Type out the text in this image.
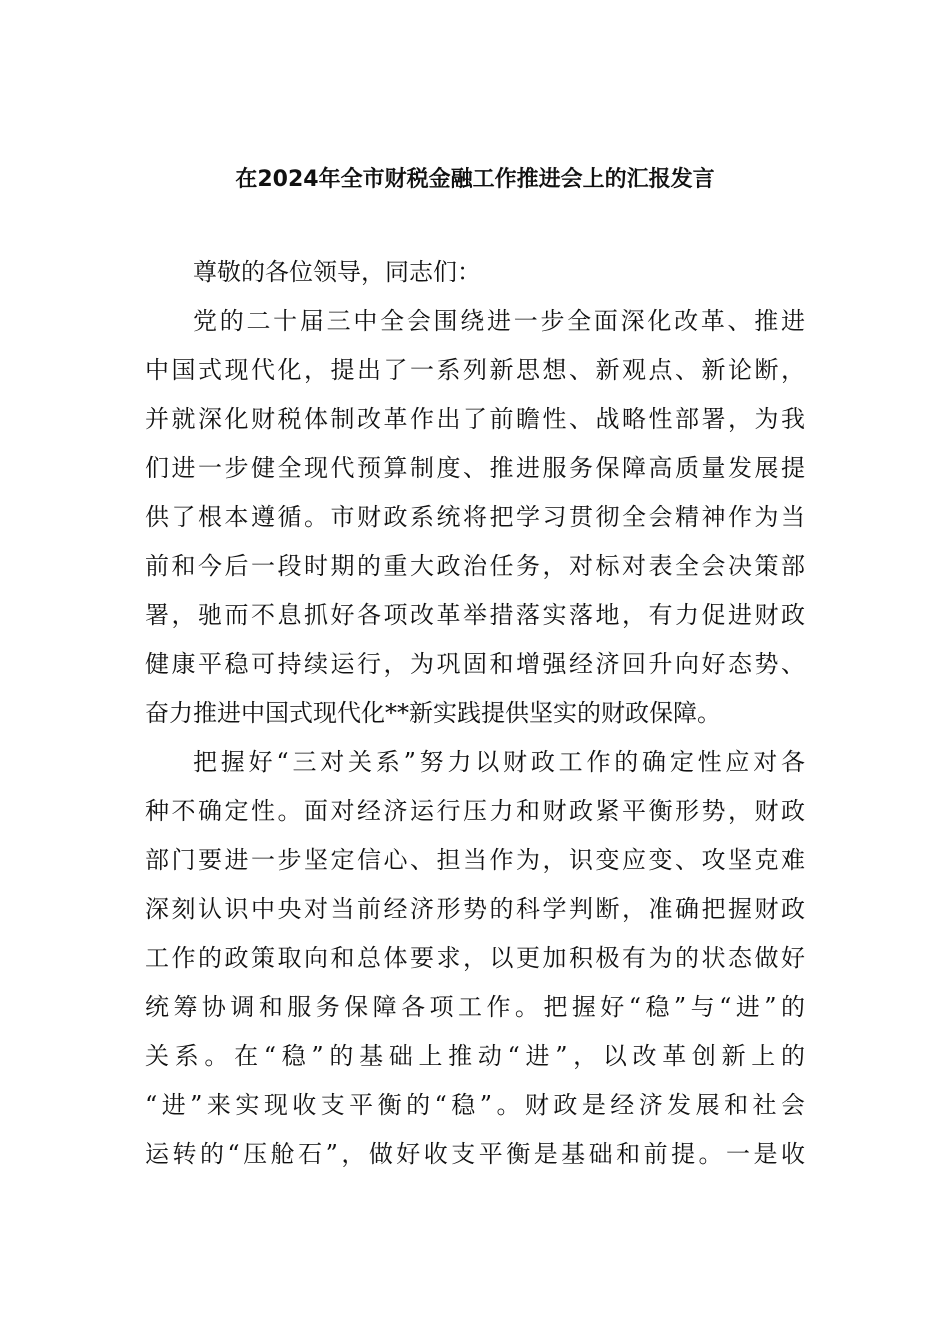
在2024年全市财税金融工作推进会上的汇报发言
尊敬的各位领导，同志们：
党的二十届三中全会围绕进一步全面深化改革、推进
中国式现代化，提出了一系列新思想、新观点、新论断，
并就深化财税体制改革作出了前瞻性、战略性部署，为我
们进一步健全现代预算制度、推进服务保障高质量发展提
供了根本遵循。市财政系统将把学习贯彻全会精神作为当
前和今后一段时期的重大政治任务，对标对表全会决策部
署，驰而不息抓好各项改革举措落实落地，有力促进财政
健康平稳可持续运行，为巩固和增强经济回升向好态势、
奋力推进中国式现代化**新实践提供坚实的财政保障。
把握好“三对关系”努力以财政工作的确定性应对各
种不确定性。面对经济运行压力和财政紧平衡形势，财政
部门要进一步坚定信心、担当作为，识变应变、攻坚克难
深刻认识中央对当前经济形势的科学判断，准确把握财政
工作的政策取向和总体要求，以更加积极有为的状态做好
统筹协调和服务保障各项工作。把握好“稳”与“进”的
关系。在“稳”的基础上推动“进”，以改革创新上的
“进”来实现收支平衡的“稳”。财政是经济发展和社会
运转的“压舱石”，做好收支平衡是基础和前提。一是收
